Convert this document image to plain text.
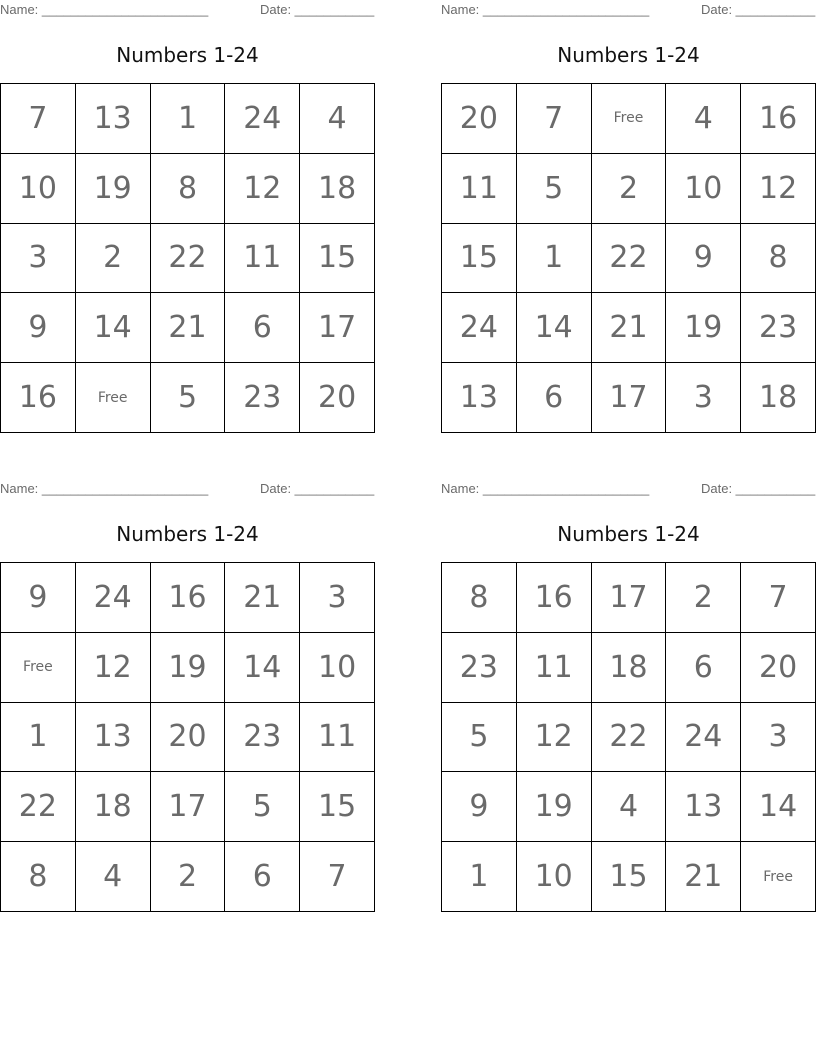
Name: _______________________	Date: ___________
Numbers 1-24
7	13	1	24	4
10	19	8	12	18
3	2	22	11	15
9	14	21	6	17
16	Free	5	23	20
Name: _______________________	Date: ___________
Numbers 1-24
20	7	Free	4	16
11	5	2	10	12
15	1	22	9	8
24	14	21	19	23
13	6	17	3	18
Name: _______________________	Date: ___________
Numbers 1-24
9	24	16	21	3
Free	12	19	14	10
1	13	20	23	11
22	18	17	5	15
8	4	2	6	7
Name: _______________________	Date: ___________
Numbers 1-24
8	16	17	2	7
23	11	18	6	20
5	12	22	24	3
9	19	4	13	14
1	10	15	21	Free
